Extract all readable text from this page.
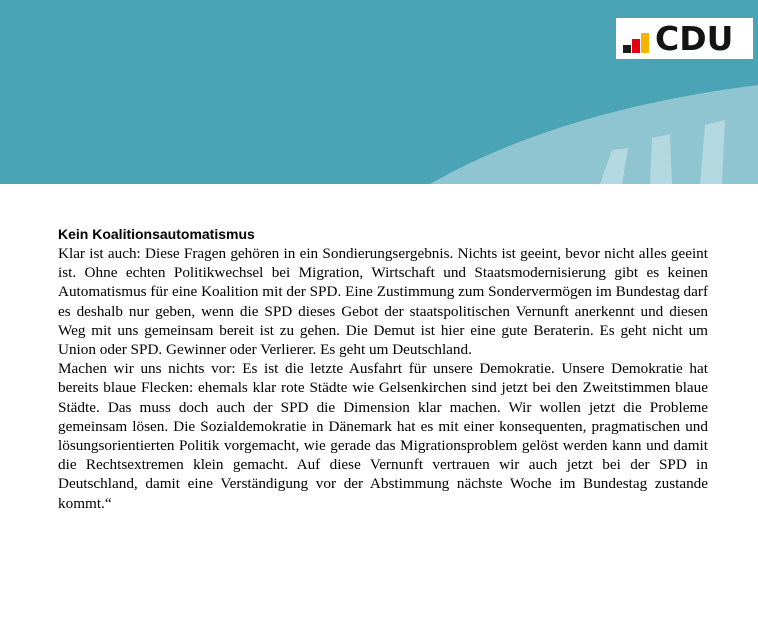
CDU
Kein Koalitionsautomatismus

Klar ist auch: Diese Fragen gehören in ein Sondierungsergebnis. Nichts ist geeint, bevor nicht alles geeint ist. Ohne echten Politikwechsel bei Migration, Wirtschaft und Staatsmodernisierung gibt es keinen Automatismus für eine Koalition mit der SPD. Eine Zustimmung zum Sondervermögen im Bundestag darf es deshalb nur geben, wenn die SPD dieses Gebot der staatspolitischen Vernunft anerkennt und diesen Weg mit uns gemeinsam bereit ist zu gehen. Die Demut ist hier eine gute Beraterin. Es geht nicht um Union oder SPD. Gewinner oder Verlierer. Es geht um Deutschland.

Machen wir uns nichts vor: Es ist die letzte Ausfahrt für unsere Demokratie. Unsere Demokratie hat bereits blaue Flecken: ehemals klar rote Städte wie Gelsenkirchen sind jetzt bei den Zweitstimmen blaue Städte. Das muss doch auch der SPD die Dimension klar machen. Wir wollen jetzt die Probleme gemeinsam lösen. Die Sozialdemokratie in Dänemark hat es mit einer konsequenten, pragmatischen und lösungsorientierten Politik vorgemacht, wie gerade das Migrationsproblem gelöst werden kann und damit die Rechtsextremen klein gemacht. Auf diese Vernunft vertrauen wir auch jetzt bei der SPD in Deutschland, damit eine Verständigung vor der Abstimmung nächste Woche im Bundestag zustande kommt.“
